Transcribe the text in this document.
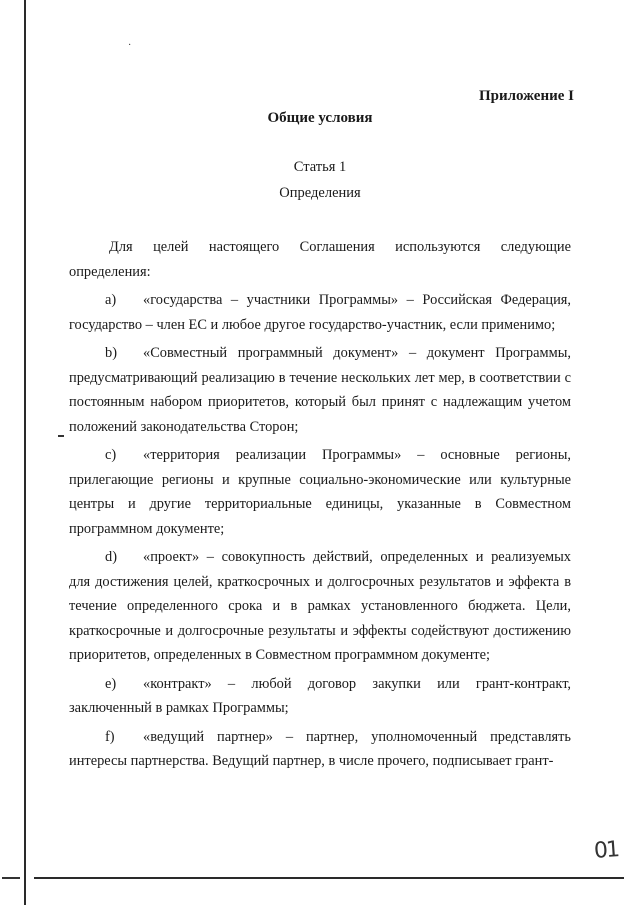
·
Приложение I
Общие условия
Статья 1
Определения

Для целей настоящего Соглашения используются следующие определения:

a) «государства – участники Программы» – Российская Федерация, государство – член ЕС и любое другое государство-участник, если применимо;

b) «Совместный программный документ» – документ Программы, предусматривающий реализацию в течение нескольких лет мер, в соответствии с постоянным набором приоритетов, который был принят с надлежащим учетом положений законодательства Сторон;

c) «территория реализации Программы» – основные регионы, прилегающие регионы и крупные социально-экономические или культурные центры и другие территориальные единицы, указанные в Совместном программном документе;

d) «проект» – совокупность действий, определенных и реализуемых для достижения целей, краткосрочных и долгосрочных результатов и эффекта в течение определенного срока и в рамках установленного бюджета. Цели, краткосрочные и долгосрочные результаты и эффекты содействуют достижению приоритетов, определенных в Совместном программном документе;

e) «контракт» – любой договор закупки или грант-контракт, заключенный в рамках Программы;

f) «ведущий партнер» – партнер, уполномоченный представлять интересы партнерства. Ведущий партнер, в числе прочего, подписывает грант-

01
